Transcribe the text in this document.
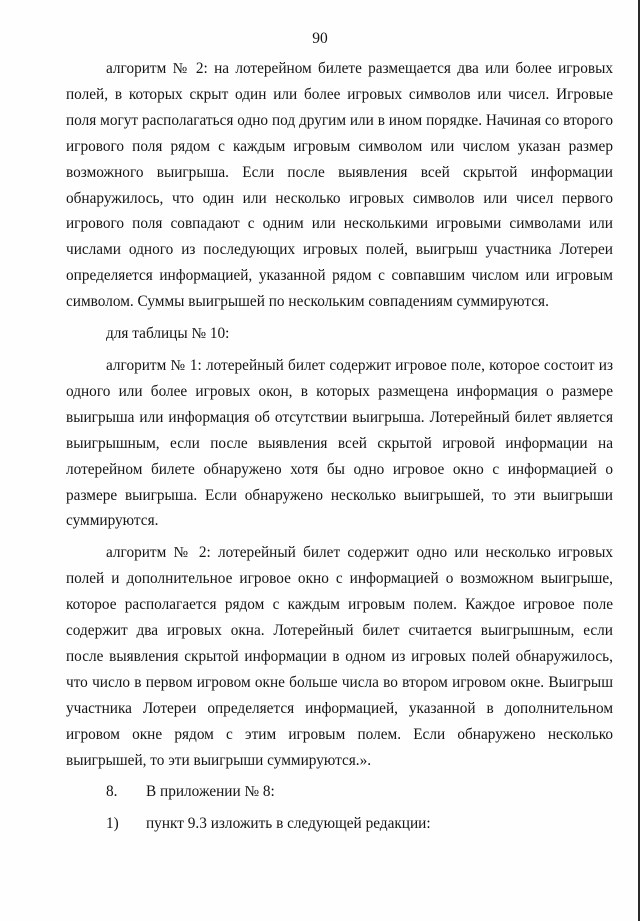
90

алгоритм № 2: на лотерейном билете размещается два или более игровых полей, в которых скрыт один или более игровых символов или чисел. Игровые поля могут располагаться одно под другим или в ином порядке. Начиная со второго игрового поля рядом с каждым игровым символом или числом указан размер возможного выигрыша. Если после выявления всей скрытой информации обнаружилось, что один или несколько игровых символов или чисел первого игрового поля совпадают с одним или несколькими игровыми символами или числами одного из последующих игровых полей, выигрыш участника Лотереи определяется информацией, указанной рядом с совпавшим числом или игровым символом. Суммы выигрышей по нескольким совпадениям суммируются.

для таблицы № 10:

алгоритм № 1: лотерейный билет содержит игровое поле, которое состоит из одного или более игровых окон, в которых размещена информация о размере выигрыша или информация об отсутствии выигрыша. Лотерейный билет является выигрышным, если после выявления всей скрытой игровой информации на лотерейном билете обнаружено хотя бы одно игровое окно с информацией о размере выигрыша. Если обнаружено несколько выигрышей, то эти выигрыши суммируются.

алгоритм № 2: лотерейный билет содержит одно или несколько игровых полей и дополнительное игровое окно с информацией о возможном выигрыше, которое располагается рядом с каждым игровым полем. Каждое игровое поле содержит два игровых окна. Лотерейный билет считается выигрышным, если после выявления скрытой информации в одном из игровых полей обнаружилось, что число в первом игровом окне больше числа во втором игровом окне. Выигрыш участника Лотереи определяется информацией, указанной в дополнительном игровом окне рядом с этим игровым полем. Если обнаружено несколько выигрышей, то эти выигрыши суммируются.».

8.	В приложении № 8:
1)	пункт 9.3 изложить в следующей редакции:
